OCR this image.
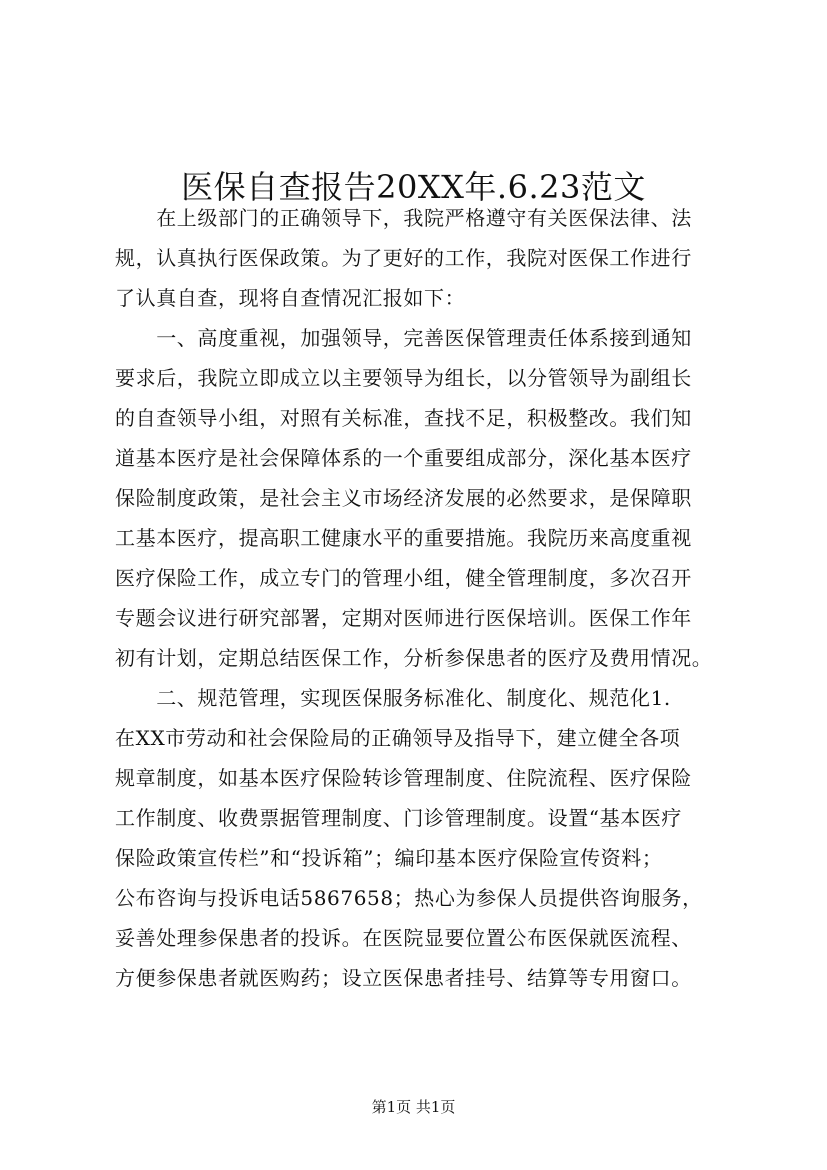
医保自查报告20XX年.6.23范文
　　在上级部门的正确领导下，我院严格遵守有关医保法律、法
规，认真执行医保政策。为了更好的工作，我院对医保工作进行
了认真自查，现将自查情况汇报如下：
　　一、高度重视，加强领导，完善医保管理责任体系接到通知
要求后，我院立即成立以主要领导为组长，以分管领导为副组长
的自查领导小组，对照有关标准，查找不足，积极整改。我们知
道基本医疗是社会保障体系的一个重要组成部分，深化基本医疗
保险制度政策，是社会主义市场经济发展的必然要求，是保障职
工基本医疗，提高职工健康水平的重要措施。我院历来高度重视
医疗保险工作，成立专门的管理小组，健全管理制度，多次召开
专题会议进行研究部署，定期对医师进行医保培训。医保工作年
初有计划，定期总结医保工作，分析参保患者的医疗及费用情况。
　　二、规范管理，实现医保服务标准化、制度化、规范化1.
在XX市劳动和社会保险局的正确领导及指导下，建立健全各项
规章制度，如基本医疗保险转诊管理制度、住院流程、医疗保险
工作制度、收费票据管理制度、门诊管理制度。设置“基本医疗
保险政策宣传栏”和“投诉箱”；编印基本医疗保险宣传资料；
公布咨询与投诉电话5867658；热心为参保人员提供咨询服务，
妥善处理参保患者的投诉。在医院显要位置公布医保就医流程、
方便参保患者就医购药；设立医保患者挂号、结算等专用窗口。
第1页 共1页
